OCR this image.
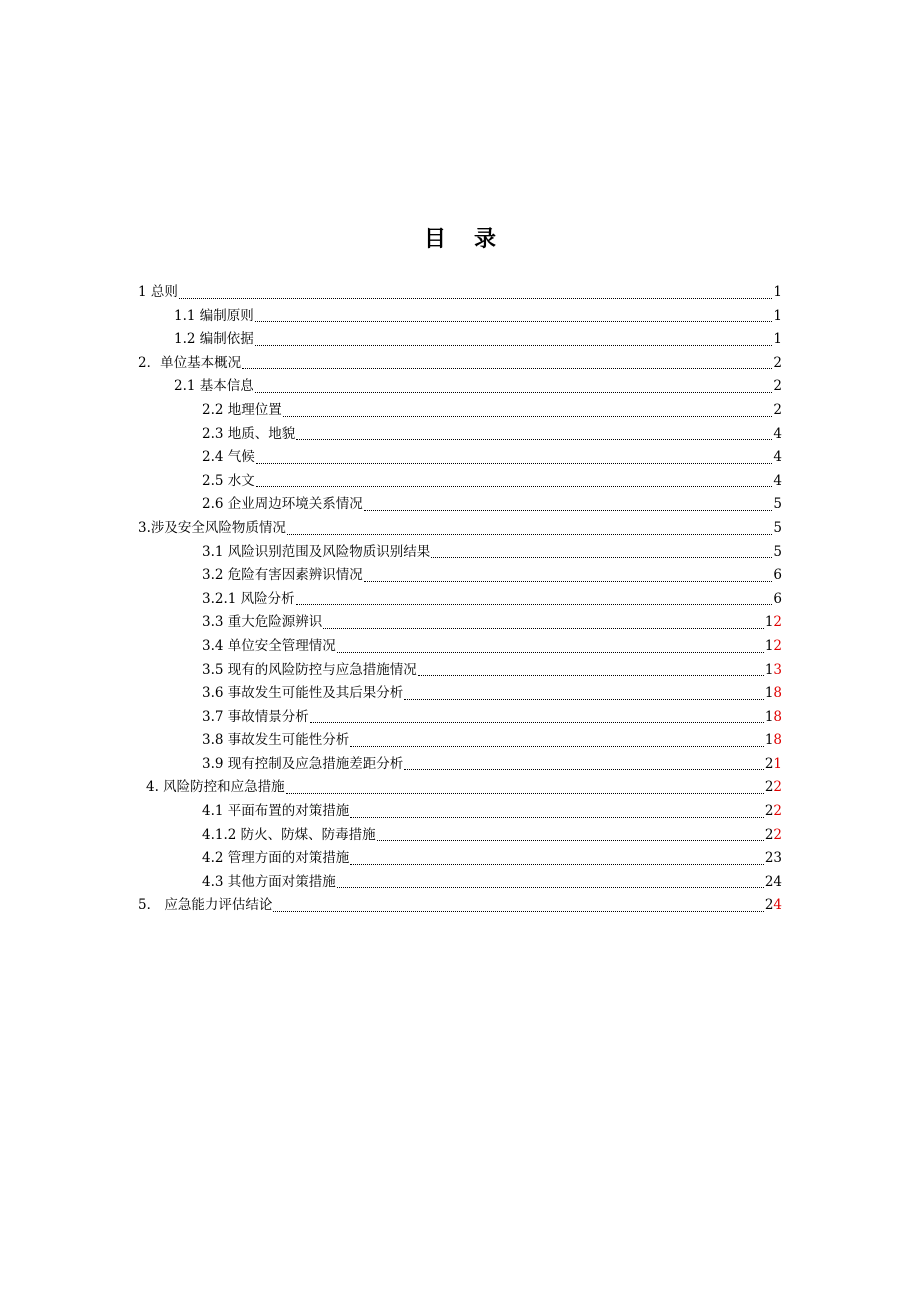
目 录
1 总则	1
1.1 编制原则	1
1.2 编制依据	1
2．单位基本概况	2
2.1 基本信息	2
2.2 地理位置	2
2.3 地质、地貌	4
2.4 气候	4
2.5 水文	4
2.6 企业周边环境关系情况	5
3.涉及安全风险物质情况	5
3.1 风险识别范围及风险物质识别结果	5
3.2 危险有害因素辨识情况	6
3.2.1 风险分析	6
3.3 重大危险源辨识	12
3.4 单位安全管理情况	12
3.5 现有的风险防控与应急措施情况	13
3.6 事故发生可能性及其后果分析	18
3.7 事故情景分析	18
3.8 事故发生可能性分析	18
3.9 现有控制及应急措施差距分析	21
4. 风险防控和应急措施	22
4.1 平面布置的对策措施	22
4.1.2 防火、防煤、防毒措施	22
4.2 管理方面的对策措施	23
4.3 其他方面对策措施	24
5． 应急能力评估结论	24
